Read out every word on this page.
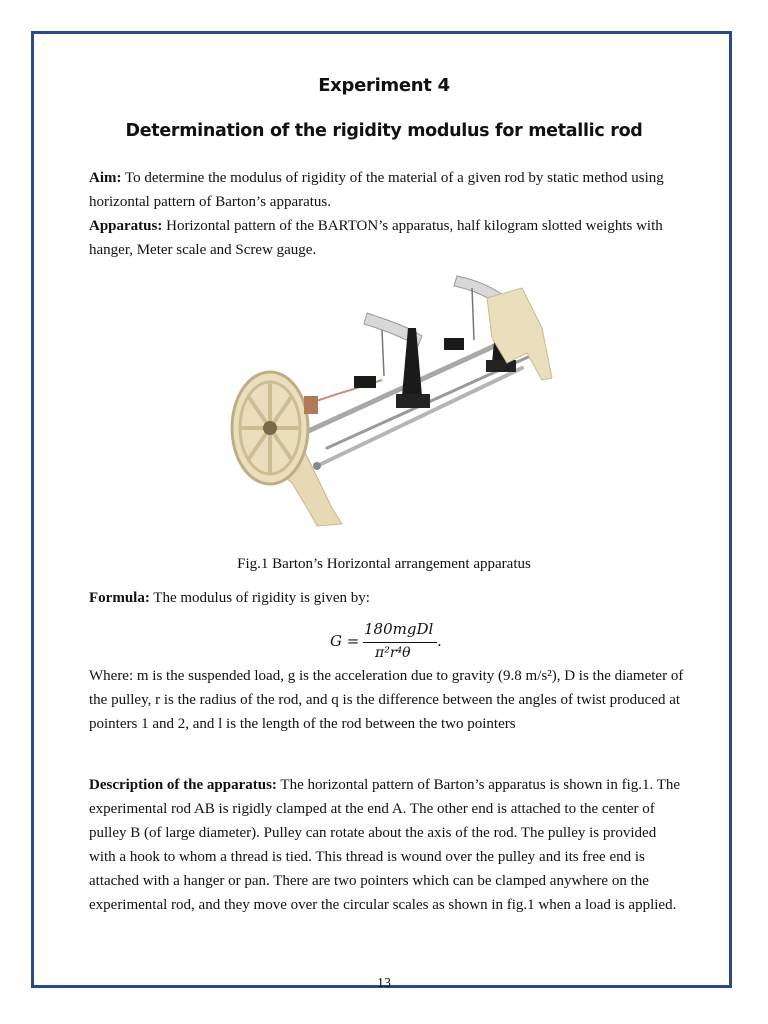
Experiment 4
Determination of the rigidity modulus for metallic rod
Aim: To determine the modulus of rigidity of the material of a given rod by static method using horizontal pattern of Barton’s apparatus.
Apparatus: Horizontal pattern of the BARTON’s apparatus, half kilogram slotted weights with hanger, Meter scale and Screw gauge.
Fig.1 Barton’s Horizontal arrangement apparatus
Formula: The modulus of rigidity is given by:
G =
180mgDl
π²r⁴θ
.
Where: m is the suspended load, g is the acceleration due to gravity (9.8 m/s²), D is the diameter of the pulley, r is the radius of the rod, and q is the difference between the angles of twist produced at pointers 1 and 2, and l is the length of the rod between the two pointers
Description of the apparatus: The horizontal pattern of Barton’s apparatus is shown in fig.1. The experimental rod AB is rigidly clamped at the end A. The other end is attached to the center of pulley B (of large diameter). Pulley can rotate about the axis of the rod. The pulley is provided with a hook to whom a thread is tied. This thread is wound over the pulley and its free end is attached with a hanger or pan. There are two pointers which can be clamped anywhere on the experimental rod, and they move over the circular scales as shown in fig.1 when a load is applied.
13
